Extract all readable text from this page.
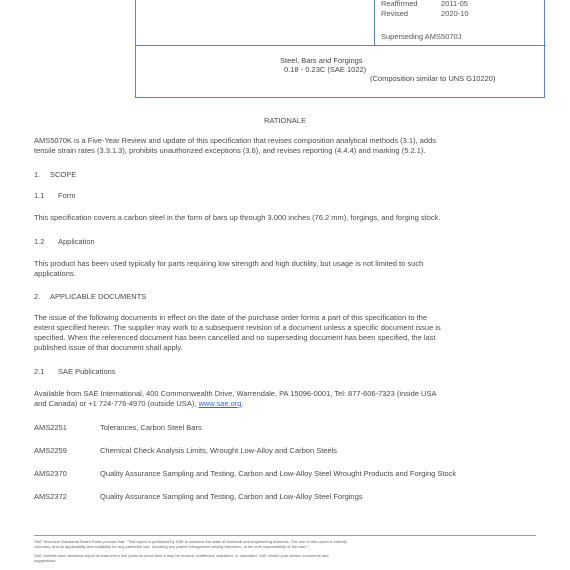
Reaffirmed	2011-05
Revised	2020-10
Superseding AMS5070J
Steel, Bars and Forgings
0.18 - 0.23C (SAE 1022)
(Composition similar to UNS G10220)
RATIONALE
AMS5070K is a Five-Year Review and update of this specification that revises composition analytical methods (3.1), adds
tensile strain rates (3.3.1.3), prohibits unauthorized exceptions (3.6), and revises reporting (4.4.4) and marking (5.2.1).
1. SCOPE
1.1 Form
This specification covers a carbon steel in the form of bars up through 3.000 inches (76.2 mm), forgings, and forging stock.
1.2 Application
This product has been used typically for parts requiring low strength and high ductility, but usage is not limited to such
applications.
2. APPLICABLE DOCUMENTS
The issue of the following documents in effect on the date of the purchase order forms a part of this specification to the
extent specified herein. The supplier may work to a subsequent revision of a document unless a specific document issue is
specified. When the referenced document has been cancelled and no superseding document has been specified, the last
published issue of that document shall apply.
2.1 SAE Publications
Available from SAE International, 400 Commonwealth Drive, Warrendale, PA 15096-0001, Tel: 877-606-7323 (inside USA
and Canada) or +1 724-776-4970 (outside USA), www.sae.org.
AMS2251	Tolerances, Carbon Steel Bars
AMS2259	Chemical Check Analysis Limits, Wrought Low-Alloy and Carbon Steels
AMS2370	Quality Assurance Sampling and Testing, Carbon and Low-Alloy Steel Wrought Products and Forging Stock
AMS2372	Quality Assurance Sampling and Testing, Carbon and Low-Alloy Steel Forgings
SAE Technical Standards Board Rules provide that: "This report is published by SAE to advance the state of technical and engineering sciences. The use of this report is entirely
voluntary, and its applicability and suitability for any particular use, including any patent infringement arising therefrom, is the sole responsibility of the user."
SAE reviews each technical report at least every five years at which time it may be revised, reaffirmed, stabilized, or cancelled. SAE invites your written comments and
suggestions.
